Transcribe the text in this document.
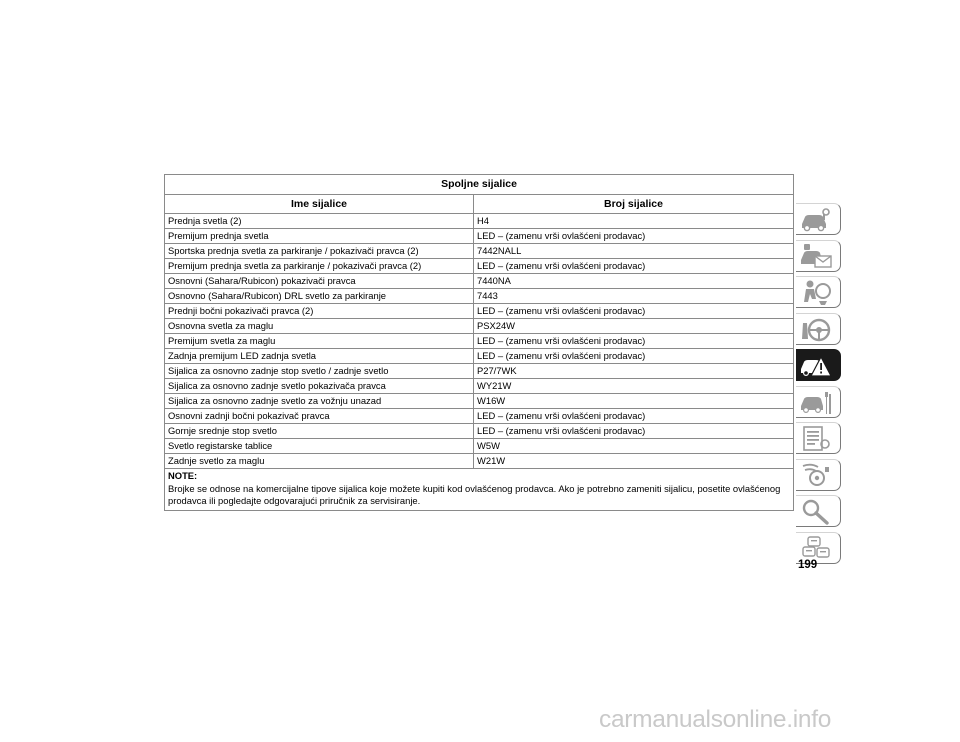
Spoljne sijalice	
Ime sijalice	Broj sijalice
Prednja svetla (2)	H4
Premijum prednja svetla	LED – (zamenu vrši ovlašćeni prodavac)
Sportska prednja svetla za parkiranje / pokazivači pravca (2)	7442NALL
Premijum prednja svetla za parkiranje / pokazivači pravca (2)	LED – (zamenu vrši ovlašćeni prodavac)
Osnovni (Sahara/Rubicon) pokazivači pravca	7440NA
Osnovno (Sahara/Rubicon) DRL svetlo za parkiranje	7443
Prednji bočni pokazivači pravca (2)	LED – (zamenu vrši ovlašćeni prodavac)
Osnovna svetla za maglu	PSX24W
Premijum svetla za maglu	LED – (zamenu vrši ovlašćeni prodavac)
Zadnja premijum LED zadnja svetla	LED – (zamenu vrši ovlašćeni prodavac)
Sijalica za osnovno zadnje stop svetlo / zadnje svetlo	P27/7WK
Sijalica za osnovno zadnje svetlo pokazivača pravca	WY21W
Sijalica za osnovno zadnje svetlo za vožnju unazad	W16W
Osnovni zadnji bočni pokazivač pravca	LED – (zamenu vrši ovlašćeni prodavac)
Gornje srednje stop svetlo	LED – (zamenu vrši ovlašćeni prodavac)
Svetlo registarske tablice	W5W
Zadnje svetlo za maglu	W21W

NOTE:
Brojke se odnose na komercijalne tipove sijalica koje možete kupiti kod ovlašćenog prodavca. Ako je potrebno zameniti sijalicu, posetite ovlašćenog prodavca ili pogledajte odgovarajući priručnik za servisiranje.	
199
carmanualsonline.info
